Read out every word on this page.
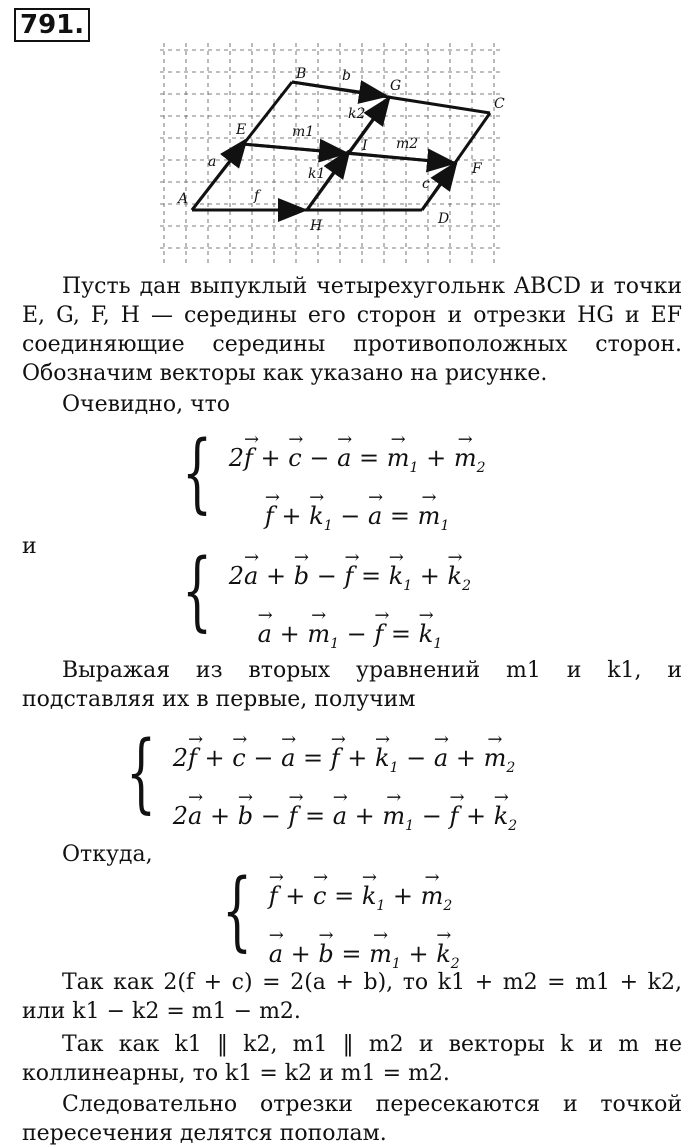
791.
A
B
C
D
E
F
G
H
I
a
b
c
f
m1
m2
k1
k2

Пусть дан выпуклый четырехугольнк ABCD и точки E, G, F, H — середины его сторон и отрезки HG и EF соединяющие середины противоположных сторон. Обозначим векторы как указано на рисунке.

Очевидно, что

{ 2→ f + → c − → a = → $m_1$ + → $m_2$
→ f + → $k_1$ − → a = → $m_1$

и	{ 2→ a + → b − → f = → $k_1$ + → $k_2$
→ a + → $m_1$ − → f = → $k_1$

Выражая из вторых уравнений m1 и k1, и подставляя их в первые, получим

{ 2→ f + → c − → a = → f + → $k_1$ − → a + → $m_2$
2→ a + → b − → f = → a + → $m_1$ − → f + → $k_2$

Откуда,

{
→ f + → c = → $k_1$ + → $m_2$
→ a + → b = → $m_1$ + → $k_2$

Так как 2(f + c) = 2(a + b), то k1 + m2 = m1 + k2, или k1 − k2 = m1 − m2.

Так как k1 ‖ k2, m1 ‖ m2 и векторы k и m не коллинеарны, то k1 = k2 и m1 = m2.

Следовательно отрезки пересекаются и точкой пересечения делятся пополам.
